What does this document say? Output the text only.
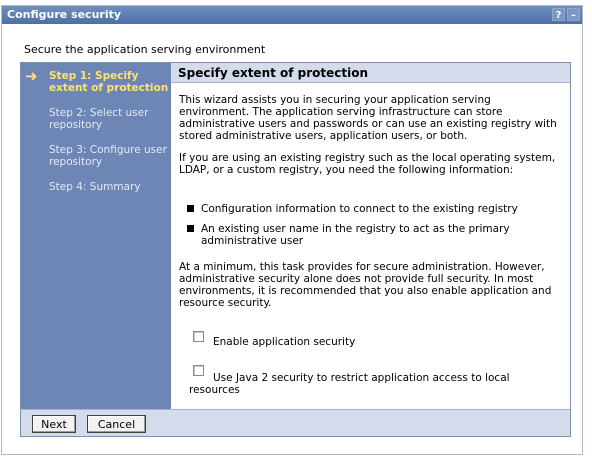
Configure security	? –
Secure the application serving environment
➜ Step 1: Specify extent of protection
Step 2: Select user repository
Step 3: Configure user repository
Step 4: Summary
Specify extent of protection
This wizard assists you in securing your application serving environment. The application serving infrastructure can store administrative users and passwords or can use an existing registry with stored administrative users, application users, or both.
If you are using an existing registry such as the local operating system, LDAP, or a custom registry, you need the following information:
Configuration information to connect to the existing registry
An existing user name in the registry to act as the primary administrative user
At a minimum, this task provides for secure administration. However, administrative security alone does not provide full security. In most environments, it is recommended that you also enable application and resource security.
Enable application security
Use Java 2 security to restrict application access to local resources
Next	Cancel
